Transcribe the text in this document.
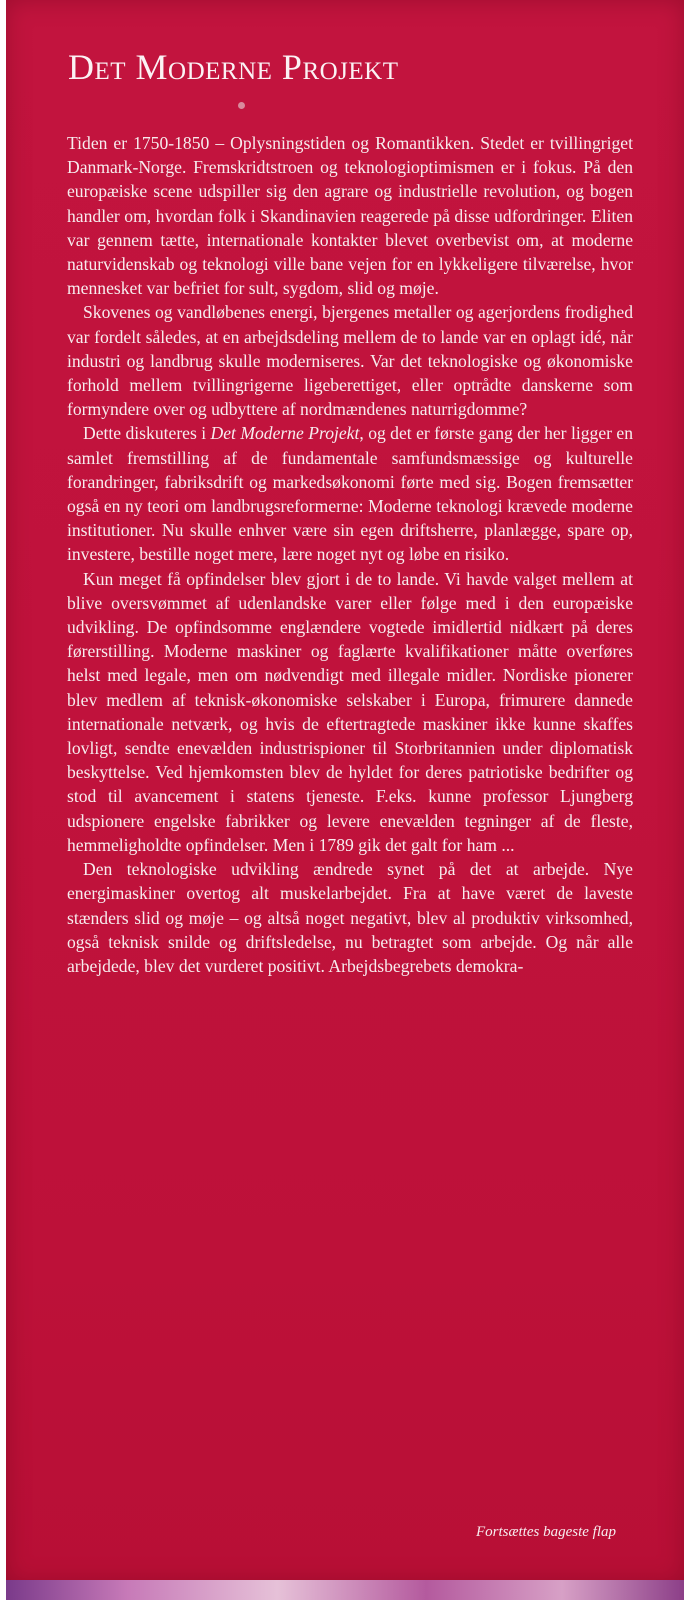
Det Moderne Projekt

Tiden er 1750-1850 – Oplysningstiden og Romantikken. Stedet er tvillingriget Danmark-Norge. Fremskridtstroen og teknologioptimismen er i fokus. På den europæiske scene udspiller sig den agrare og industrielle revolution, og bogen handler om, hvordan folk i Skandinavien reagerede på disse udfordringer. Eliten var gennem tætte, internationale kontakter blevet overbevist om, at moderne naturvidenskab og teknologi ville bane vejen for en lykkeligere tilværelse, hvor mennesket var befriet for sult, sygdom, slid og møje.

Skovenes og vandløbenes energi, bjergenes metaller og agerjordens frodighed var fordelt således, at en arbejdsdeling mellem de to lande var en oplagt idé, når industri og landbrug skulle moderniseres. Var det teknologiske og økonomiske forhold mellem tvillingrigerne ligeberettiget, eller optrådte danskerne som formyndere over og udbyttere af nordmændenes naturrigdomme?

Dette diskuteres i Det Moderne Projekt, og det er første gang der her ligger en samlet fremstilling af de fundamentale samfundsmæssige og kulturelle forandringer, fabriksdrift og markedsøkonomi førte med sig. Bogen fremsætter også en ny teori om landbrugsreformerne: Moderne teknologi krævede moderne institutioner. Nu skulle enhver være sin egen driftsherre, planlægge, spare op, investere, bestille noget mere, lære noget nyt og løbe en risiko.

Kun meget få opfindelser blev gjort i de to lande. Vi havde valget mellem at blive oversvømmet af udenlandske varer eller følge med i den europæiske udvikling. De opfindsomme englændere vogtede imidlertid nidkært på deres førerstilling. Moderne maskiner og faglærte kvalifikationer måtte overføres helst med legale, men om nødvendigt med illegale midler. Nordiske pionerer blev medlem af teknisk-økonomiske selskaber i Europa, frimurere dannede internationale netværk, og hvis de eftertragtede maskiner ikke kunne skaffes lovligt, sendte enevælden industrispioner til Storbritannien under diplomatisk beskyttelse. Ved hjemkomsten blev de hyldet for deres patriotiske bedrifter og stod til avancement i statens tjeneste. F.eks. kunne professor Ljungberg udspionere engelske fabrikker og levere enevælden tegninger af de fleste, hemmeligholdte opfindelser. Men i 1789 gik det galt for ham ...

Den teknologiske udvikling ændrede synet på det at arbejde. Nye energimaskiner overtog alt muskelarbejdet. Fra at have været de laveste stænders slid og møje – og altså noget negativt, blev al produktiv virksomhed, også teknisk snilde og driftsledelse, nu betragtet som arbejde. Og når alle arbejdede, blev det vurderet positivt. Arbejdsbegrebets demokra-

Fortsættes bageste flap
